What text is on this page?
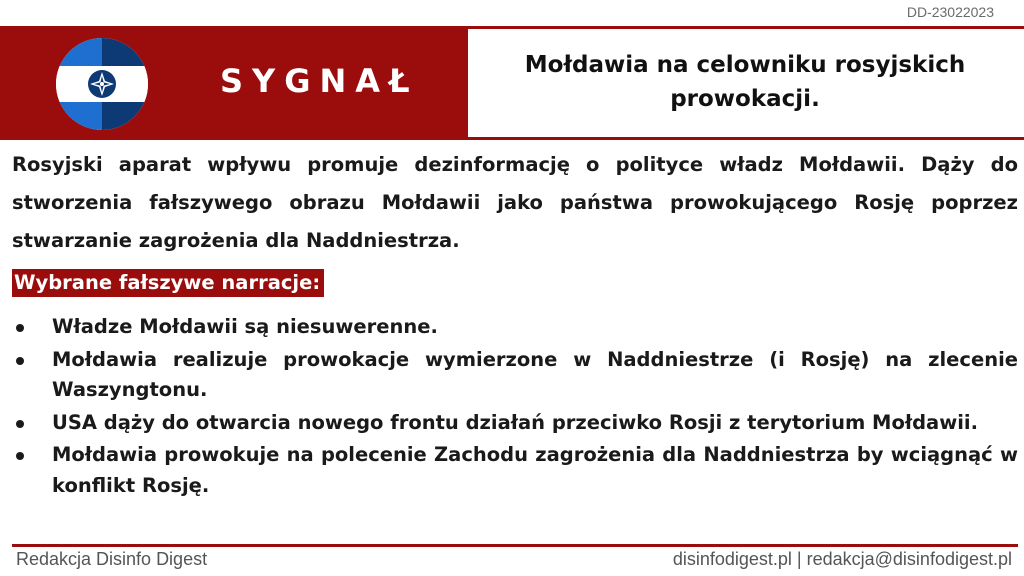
DD-23022023
SYGNAŁ	Mołdawia na celowniku rosyjskich prowokacji.

Rosyjski aparat wpływu promuje dezinformację o polityce władz Mołdawii. Dąży do stworzenia fałszywego obrazu Mołdawii jako państwa prowokującego Rosję poprzez stwarzanie zagrożenia dla Naddniestrza.

Wybrane fałszywe narracje:
Władze Mołdawii są niesuwerenne.
Mołdawia realizuje prowokacje wymierzone w Naddniestrze (i Rosję) na zlecenie Waszyngtonu.
USA dąży do otwarcia nowego frontu działań przeciwko Rosji z terytorium Mołdawii.
Mołdawia prowokuje na polecenie Zachodu zagrożenia dla Naddniestrza by wciągnąć w konflikt Rosję.
Redakcja Disinfo Digest	disinfodigest.pl | redakcja@disinfodigest.pl
